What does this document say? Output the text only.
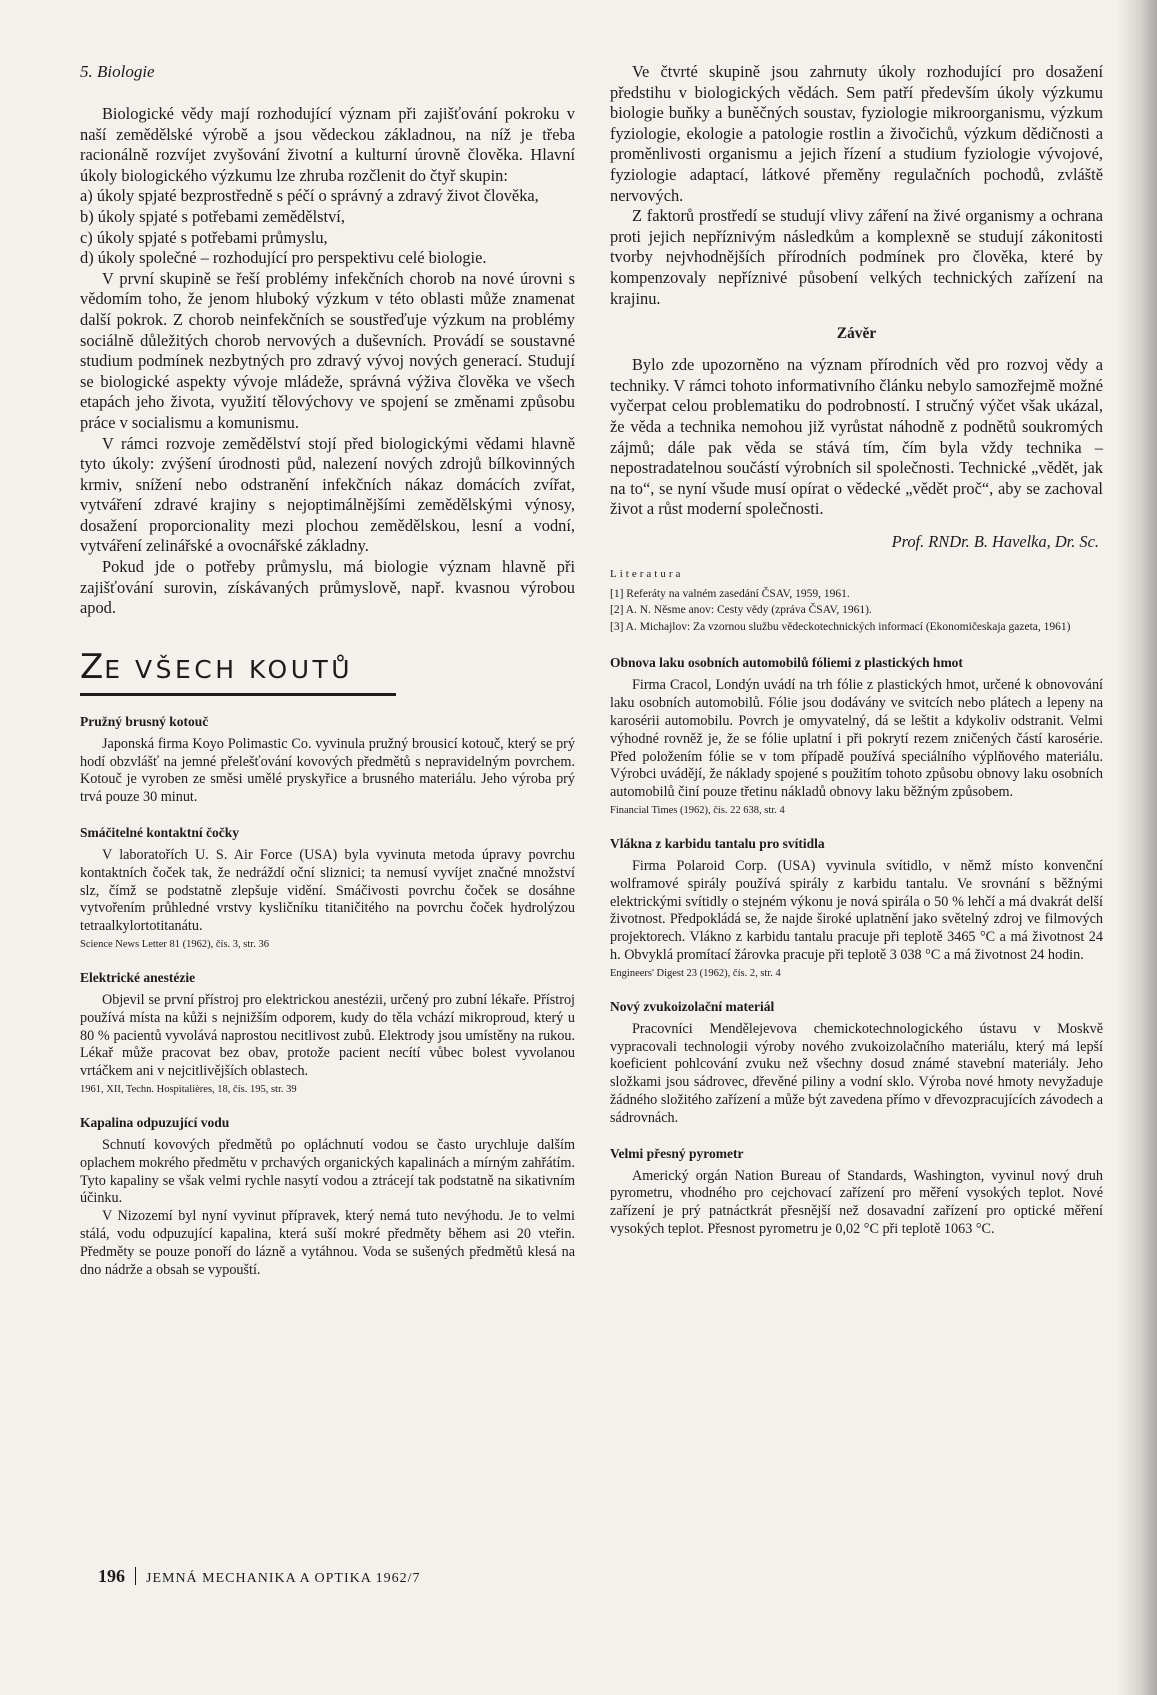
5. Biologie

Biologické vědy mají rozhodující význam při zajišťování pokroku v naší zemědělské výrobě a jsou vědeckou základnou, na níž je třeba racionálně rozvíjet zvyšování životní a kulturní úrovně člověka. Hlavní úkoly biologického výzkumu lze zhruba rozčlenit do čtyř skupin:

a) úkoly spjaté bezprostředně s péčí o správný a zdravý život člověka,
b) úkoly spjaté s potřebami zemědělství,
c) úkoly spjaté s potřebami průmyslu,
d) úkoly společné – rozhodující pro perspektivu celé biologie.

V první skupině se řeší problémy infekčních chorob na nové úrovni s vědomím toho, že jenom hluboký výzkum v této oblasti může znamenat další pokrok. Z chorob neinfekčních se soustřeďuje výzkum na problémy sociálně důležitých chorob nervových a duševních. Provádí se soustavné studium podmínek nezbytných pro zdravý vývoj nových generací. Studují se biologické aspekty vývoje mládeže, správná výživa člověka ve všech etapách jeho života, využití tělovýchovy ve spojení se změnami způsobu práce v socialismu a komunismu.

V rámci rozvoje zemědělství stojí před biologickými vědami hlavně tyto úkoly: zvýšení úrodnosti půd, nalezení nových zdrojů bílkovinných krmiv, snížení nebo odstranění infekčních nákaz domácích zvířat, vytváření zdravé krajiny s nejoptimálnějšími zemědělskými výnosy, dosažení proporcionality mezi plochou zemědělskou, lesní a vodní, vytváření zelinářské a ovocnářské základny.

Pokud jde o potřeby průmyslu, má biologie význam hlavně při zajišťování surovin, získávaných průmyslově, např. kvasnou výrobou apod.

ZE VŠECH KOUTŮ
Pružný brusný kotouč

Japonská firma Koyo Polimastic Co. vyvinula pružný brousicí kotouč, který se prý hodí obzvlášť na jemné přelešťování kovových předmětů s nepravidelným povrchem. Kotouč je vyroben ze směsi umělé pryskyřice a brusného materiálu. Jeho výroba prý trvá pouze 30 minut.

Smáčitelné kontaktní čočky

V laboratořích U. S. Air Force (USA) byla vyvinuta metoda úpravy povrchu kontaktních čoček tak, že nedráždí oční sliznici; ta nemusí vyvíjet značné množství slz, čímž se podstatně zlepšuje vidění. Smáčivosti povrchu čoček se dosáhne vytvořením průhledné vrstvy kysličníku titaničitého na povrchu čoček hydrolýzou tetraalkylortotitanátu.

Science News Letter 81 (1962), čís. 3, str. 36

Elektrické anestézie

Objevil se první přístroj pro elektrickou anestézii, určený pro zubní lékaře. Přístroj používá místa na kůži s nejnižším odporem, kudy do těla vchází mikroproud, který u 80 % pacientů vyvolává naprostou necitlivost zubů. Elektrody jsou umístěny na rukou. Lékař může pracovat bez obav, protože pacient necítí vůbec bolest vyvolanou vrtáčkem ani v nejcitlivějších oblastech.

1961, XII, Techn. Hospitalières, 18, čís. 195, str. 39

Kapalina odpuzující vodu

Schnutí kovových předmětů po opláchnutí vodou se často urychluje dalším oplachem mokrého předmětu v prchavých organických kapalinách a mírným zahřátím. Tyto kapaliny se však velmi rychle nasytí vodou a ztrácejí tak podstatně na sikativním účinku.

V Nizozemí byl nyní vyvinut přípravek, který nemá tuto nevýhodu. Je to velmi stálá, vodu odpuzující kapalina, která suší mokré předměty během asi 20 vteřin. Předměty se pouze ponoří do lázně a vytáhnou. Voda se sušených předmětů klesá na dno nádrže a obsah se vypouští.

Ve čtvrté skupině jsou zahrnuty úkoly rozhodující pro dosažení předstihu v biologických vědách. Sem patří především úkoly výzkumu biologie buňky a buněčných soustav, fyziologie mikroorganismu, výzkum fyziologie, ekologie a patologie rostlin a živočichů, výzkum dědičnosti a proměnlivosti organismu a jejich řízení a studium fyziologie vývojové, fyziologie adaptací, látkové přeměny regulačních pochodů, zvláště nervových.

Z faktorů prostředí se studují vlivy záření na živé organismy a ochrana proti jejich nepříznivým následkům a komplexně se studují zákonitosti tvorby nejvhodnějších přírodních podmínek pro člověka, které by kompenzovaly nepříznivé působení velkých technických zařízení na krajinu.

Závěr

Bylo zde upozorněno na význam přírodních věd pro rozvoj vědy a techniky. V rámci tohoto informativního článku nebylo samozřejmě možné vyčerpat celou problematiku do podrobností. I stručný výčet však ukázal, že věda a technika nemohou již vyrůstat náhodně z podnětů soukromých zájmů; dále pak věda se stává tím, čím byla vždy technika – nepostradatelnou součástí výrobních sil společnosti. Technické „vědět, jak na to“, se nyní všude musí opírat o vědecké „vědět proč“, aby se zachoval život a růst moderní společnosti.

Prof. RNDr. B. Havelka, Dr. Sc.

Literatura

[1] Referáty na valném zasedání ČSAV, 1959, 1961.
[2] A. N. Něsme anov: Cesty vědy (zpráva ČSAV, 1961).
[3] A. Michajlov: Za vzornou službu vědeckotechnických informací (Ekonomičeskaja gazeta, 1961)
Obnova laku osobních automobilů fóliemi z plastických hmot

Firma Cracol, Londýn uvádí na trh fólie z plastických hmot, určené k obnovování laku osobních automobilů. Fólie jsou dodávány ve svitcích nebo plátech a lepeny na karosérii automobilu. Povrch je omyvatelný, dá se leštit a kdykoliv odstranit. Velmi výhodné rovněž je, že se fólie uplatní i při pokrytí rezem zničených částí karosérie. Před položením fólie se v tom případě používá speciálního výplňového materiálu. Výrobci uvádějí, že náklady spojené s použitím tohoto způsobu obnovy laku osobních automobilů činí pouze třetinu nákladů obnovy laku běžným způsobem.

Financial Times (1962), čís. 22 638, str. 4

Vlákna z karbidu tantalu pro svítidla

Firma Polaroid Corp. (USA) vyvinula svítidlo, v němž místo konvenční wolframové spirály používá spirály z karbidu tantalu. Ve srovnání s běžnými elektrickými svítidly o stejném výkonu je nová spirála o 50 % lehčí a má dvakrát delší životnost. Předpokládá se, že najde široké uplatnění jako světelný zdroj ve filmových projektorech. Vlákno z karbidu tantalu pracuje při teplotě 3465 °C a má životnost 24 h. Obvyklá promítací žárovka pracuje při teplotě 3 038 °C a má životnost 24 hodin.

Engineers' Digest 23 (1962), čís. 2, str. 4

Nový zvukoizolační materiál

Pracovníci Mendělejevova chemickotechnologického ústavu v Moskvě vypracovali technologii výroby nového zvukoizolačního materiálu, který má lepší koeficient pohlcování zvuku než všechny dosud známé stavební materiály. Jeho složkami jsou sádrovec, dřevěné piliny a vodní sklo. Výroba nové hmoty nevyžaduje žádného složitého zařízení a může být zavedena přímo v dřevozpracujících závodech a sádrovnách.

Velmi přesný pyrometr

Americký orgán Nation Bureau of Standards, Washington, vyvinul nový druh pyrometru, vhodného pro cejchovací zařízení pro měření vysokých teplot. Nové zařízení je prý patnáctkrát přesnější než dosavadní zařízení pro optické měření vysokých teplot. Přesnost pyrometru je 0,02 °C při teplotě 1063 °C.

196 JEMNÁ MECHANIKA A OPTIKA 1962/7
